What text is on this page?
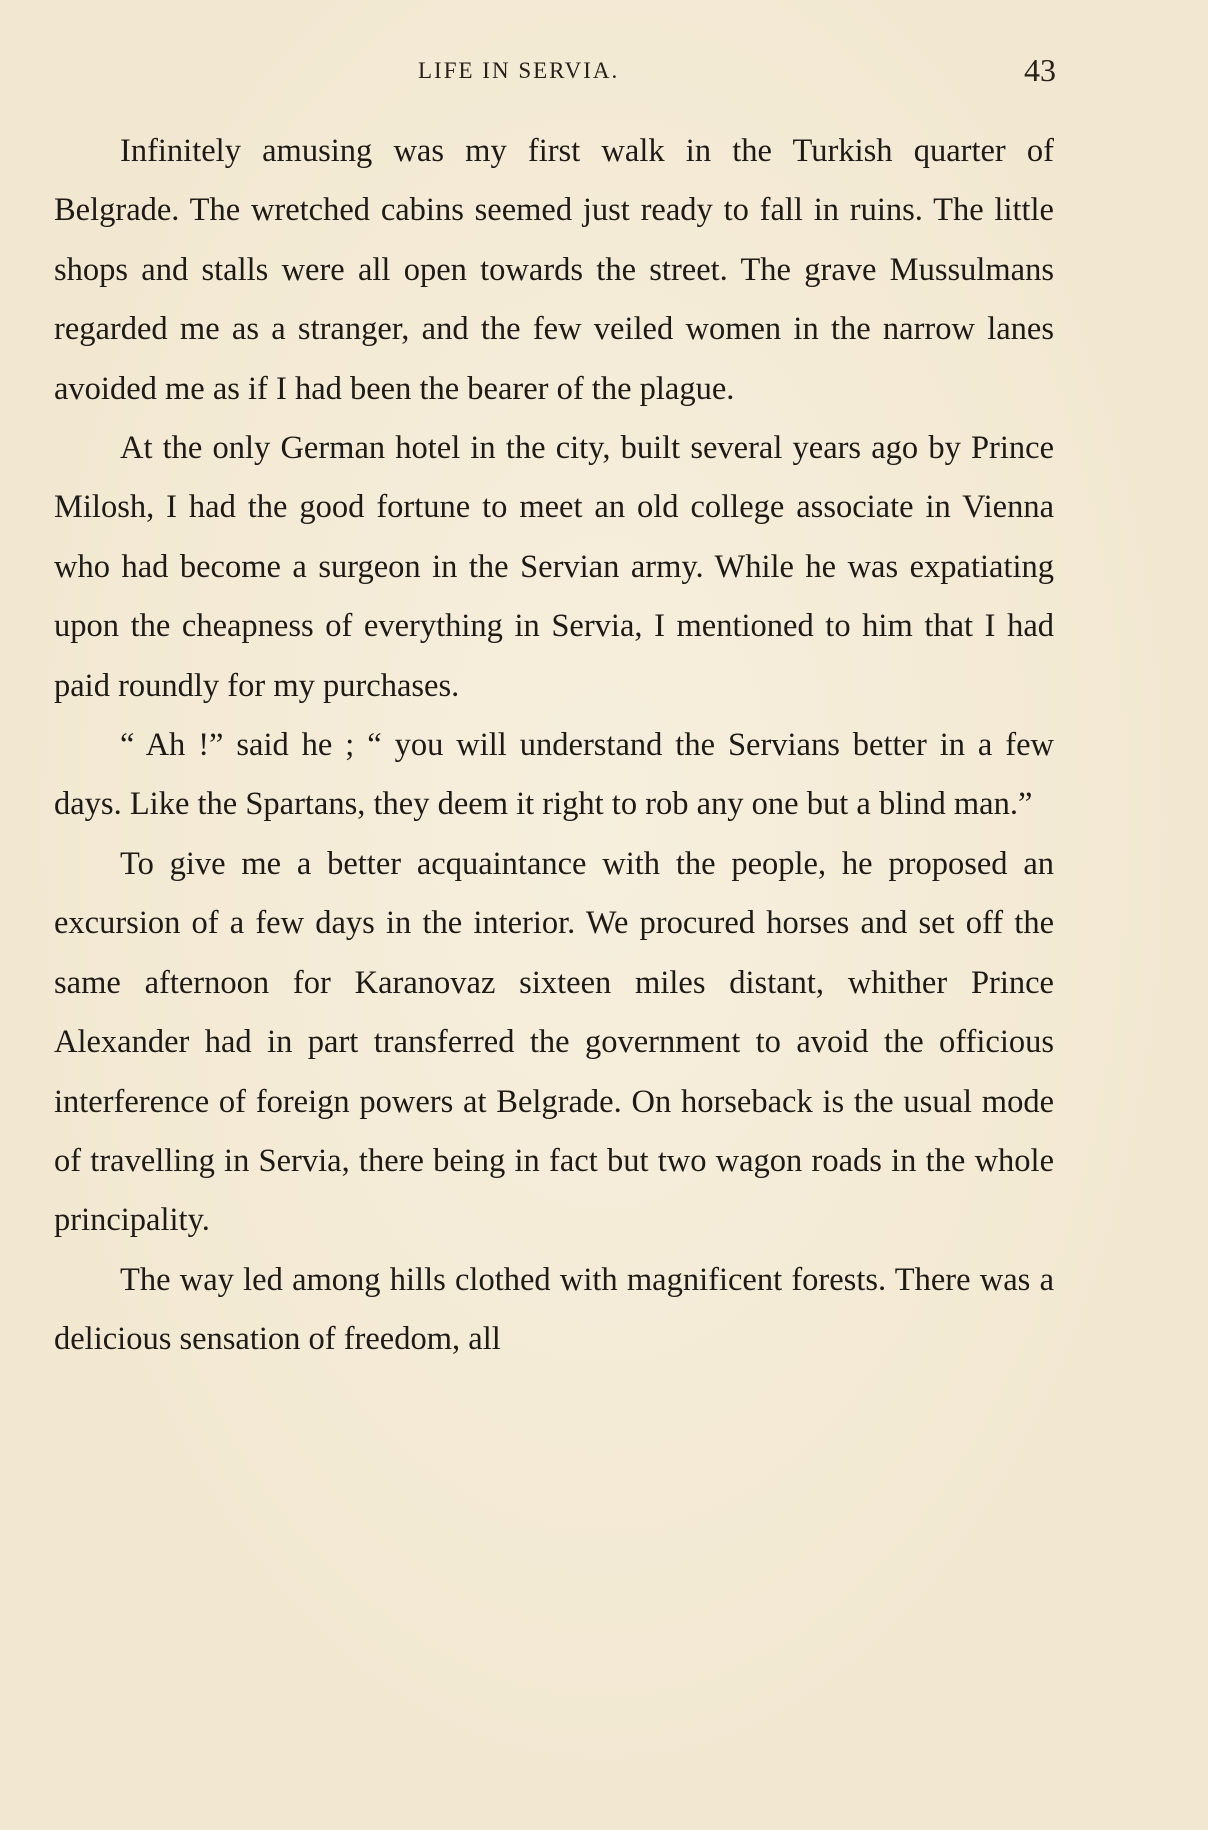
LIFE IN SERVIA.	43

Infinitely amusing was my first walk in the Turkish quarter of Belgrade. The wretched cabins seemed just ready to fall in ruins. The little shops and stalls were all open towards the street. The grave Mussulmans regarded me as a stranger, and the few veiled women in the narrow lanes avoided me as if I had been the bearer of the plague.

At the only German hotel in the city, built several years ago by Prince Milosh, I had the good fortune to meet an old college associate in Vienna who had become a surgeon in the Servian army. While he was expatiating upon the cheapness of everything in Servia, I mentioned to him that I had paid roundly for my purchases.

“ Ah !” said he ; “ you will understand the Servians better in a few days. Like the Spartans, they deem it right to rob any one but a blind man.”

To give me a better acquaintance with the people, he proposed an excursion of a few days in the interior. We procured horses and set off the same afternoon for Karanovaz sixteen miles distant, whither Prince Alexander had in part transferred the government to avoid the officious interference of foreign powers at Belgrade. On horseback is the usual mode of travelling in Servia, there being in fact but two wagon roads in the whole principality.

The way led among hills clothed with magnificent forests. There was a delicious sensation of freedom, all
